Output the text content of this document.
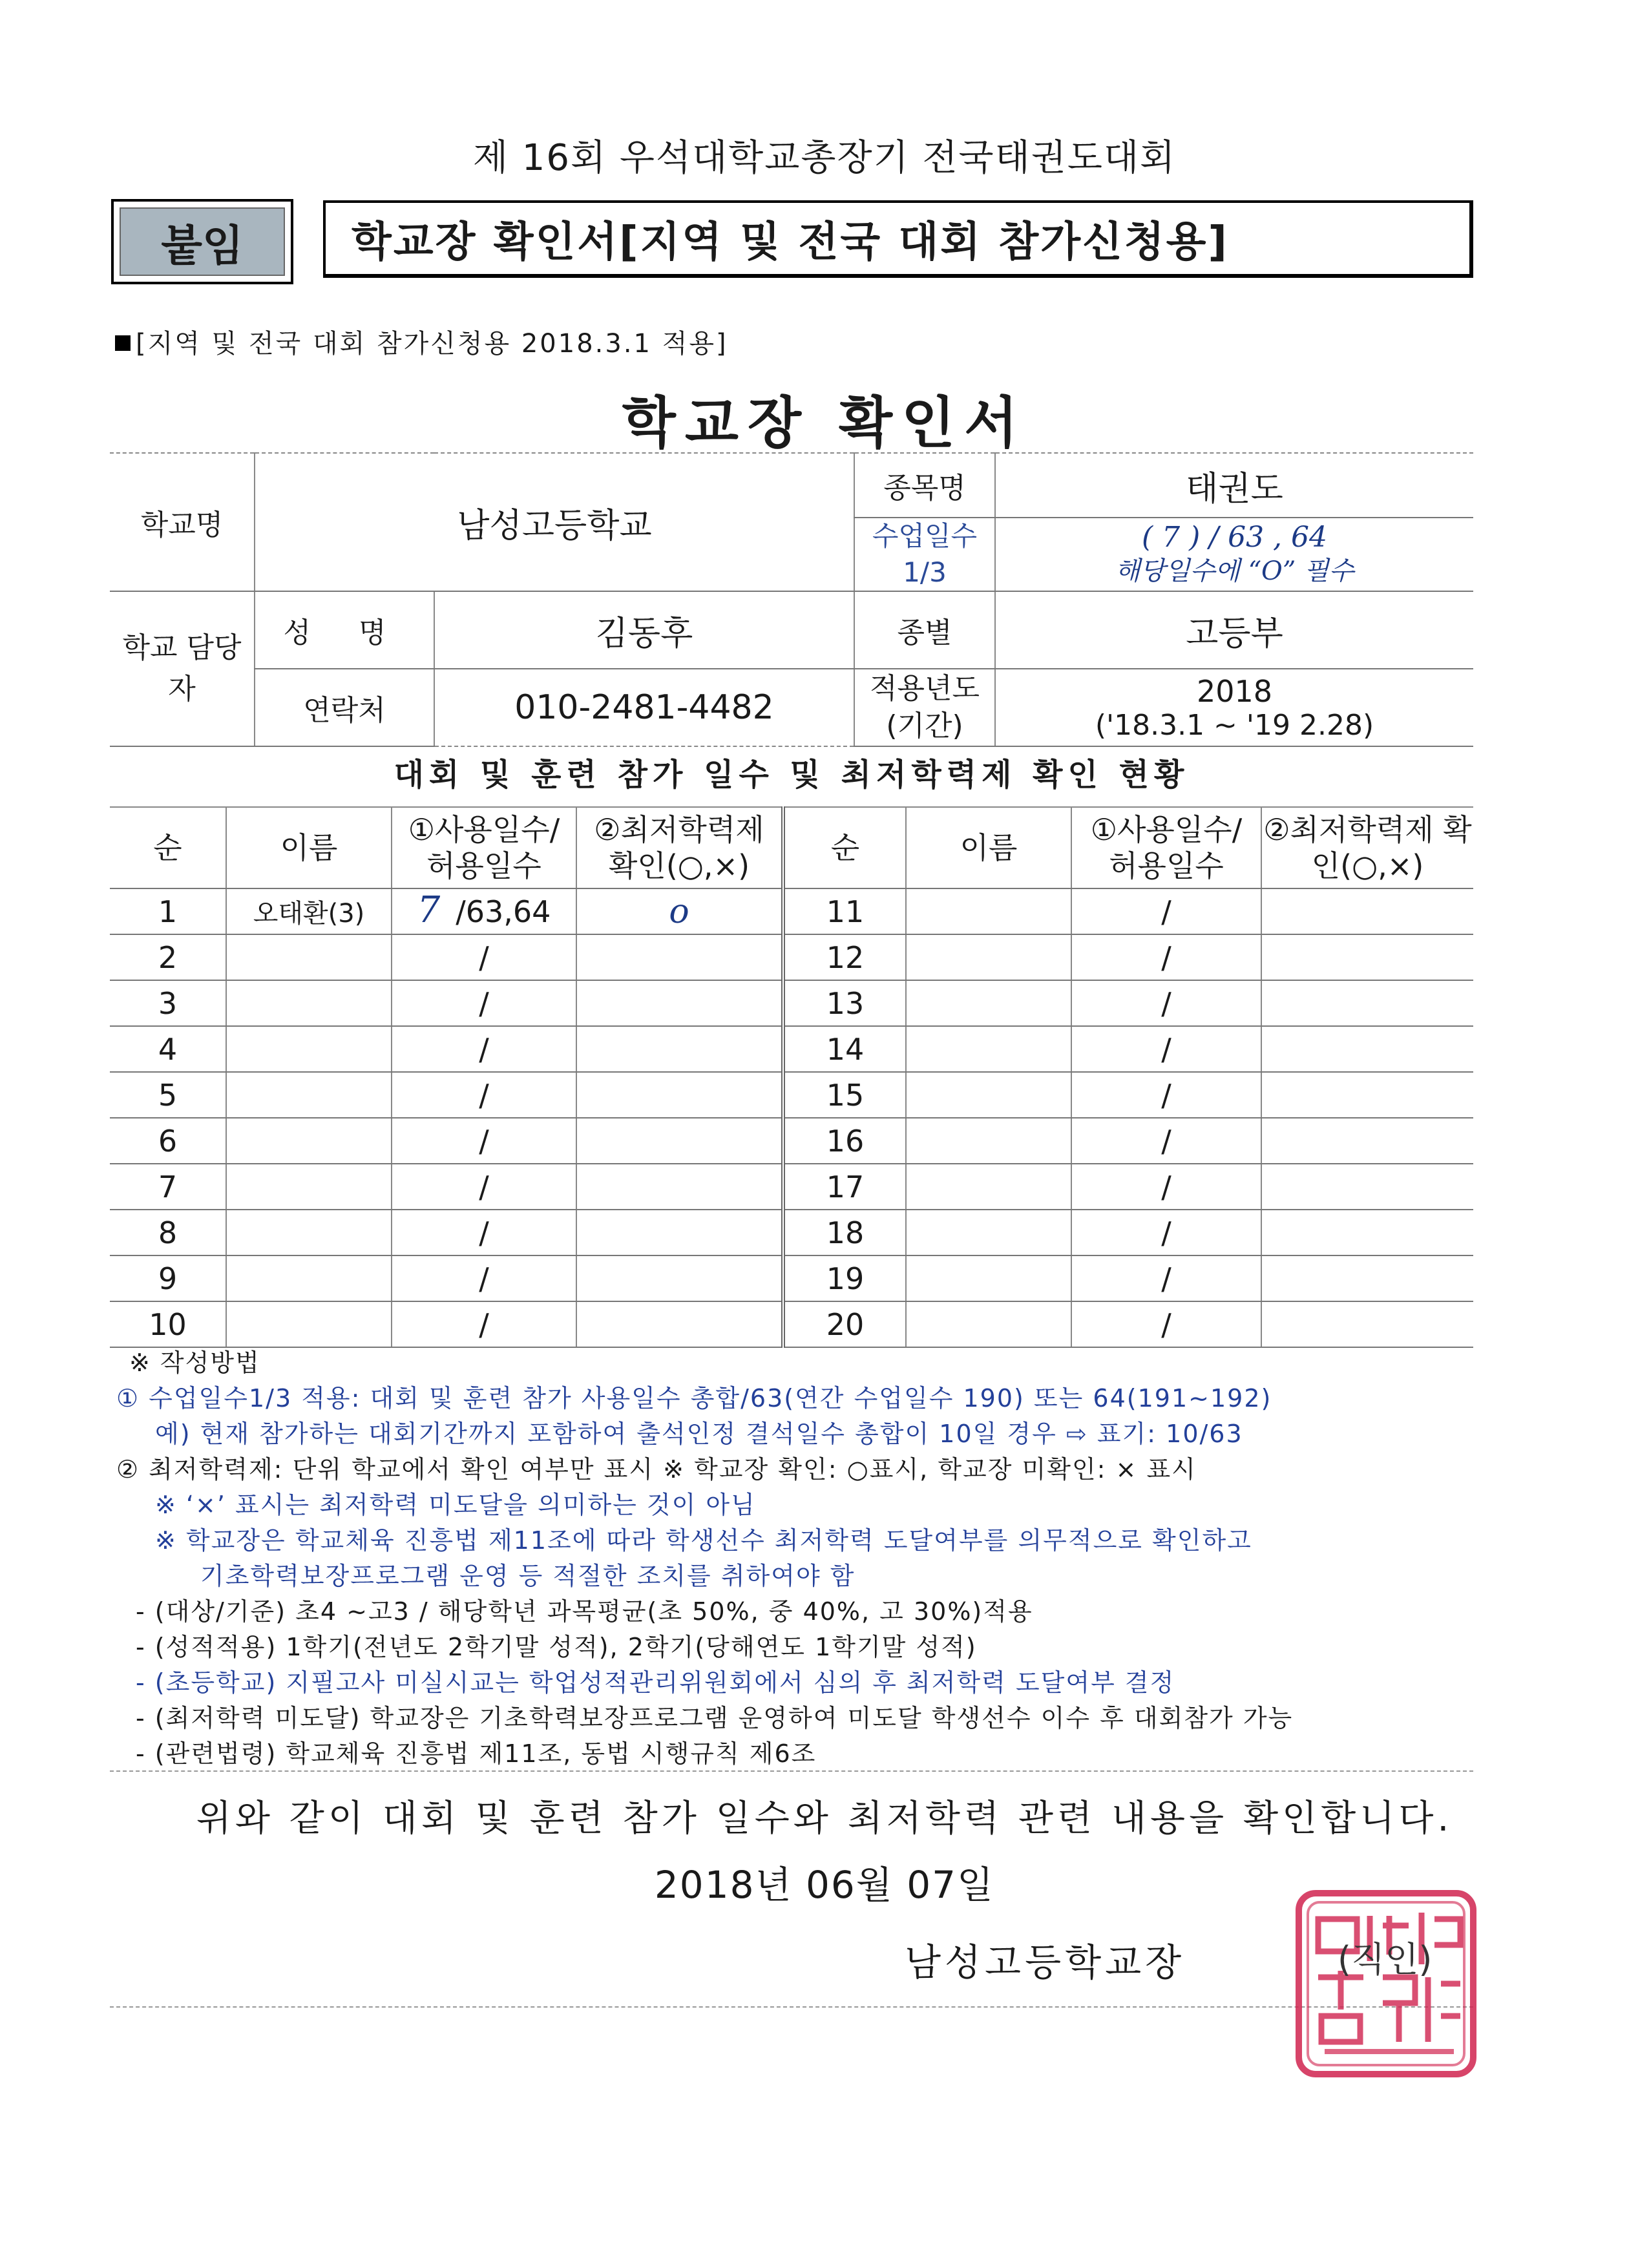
제 16회 우석대학교총장기 전국태권도대회
붙임	학교장 확인서[지역 및 전국 대회 참가신청용]
[지역 및 전국 대회 참가신청용 2018.3.1 적용]
학교장 확인서
학교명	남성고등학교		종목명	태권도
			수업일수 1/3	( 7 ) / 63 , 64
해당일수에 “O” 필수

학교 담당자	성 명	김동후	종별	고등부
	연락처	010-2481-4482	적용년도 (기간)	2018
('18.3.1 ~ '19 2.28)
대회 및 훈련 참가 일수 및 최저학력제 확인 현황
순	이름	①사용일수/ 허용일수	②최저학력제 확인(○,×)	순	이름	①사용일수/ 허용일수	②최저학력제 확인(○,×)
1	오태환(3)	7 /63,64	o	11		/	
2		/		12		/	
3		/		13		/	
4		/		14		/	
5		/		15		/	
6		/		16		/	
7		/		17		/	
8		/		18		/	
9		/		19		/	
10		/		20		/	

※ 작성방법

① 수업일수1/3 적용: 대회 및 훈련 참가 사용일수 총합/63(연간 수업일수 190) 또는 64(191~192)

예) 현재 참가하는 대회기간까지 포함하여 출석인정 결석일수 총합이 10일 경우 ⇨ 표기: 10/63

② 최저학력제: 단위 학교에서 확인 여부만 표시 ※ 학교장 확인: ○표시, 학교장 미확인: × 표시

※ ‘×’ 표시는 최저학력 미도달을 의미하는 것이 아님

※ 학교장은 학교체육 진흥법 제11조에 따라 학생선수 최저학력 도달여부를 의무적으로 확인하고

기초학력보장프로그램 운영 등 적절한 조치를 취하여야 함

- (대상/기준) 초4 ~고3 / 해당학년 과목평균(초 50%, 중 40%, 고 30%)적용

- (성적적용) 1학기(전년도 2학기말 성적), 2학기(당해연도 1학기말 성적)

- (초등학교) 지필고사 미실시교는 학업성적관리위원회에서 심의 후 최저학력 도달여부 결정

- (최저학력 미도달) 학교장은 기초학력보장프로그램 운영하여 미도달 학생선수 이수 후 대회참가 가능

- (관련법령) 학교체육 진흥법 제11조, 동법 시행규칙 제6조

위와 같이 대회 및 훈련 참가 일수와 최저학력 관련 내용을 확인합니다.
2018년 06월 07일
남성고등학교장	(직인)
